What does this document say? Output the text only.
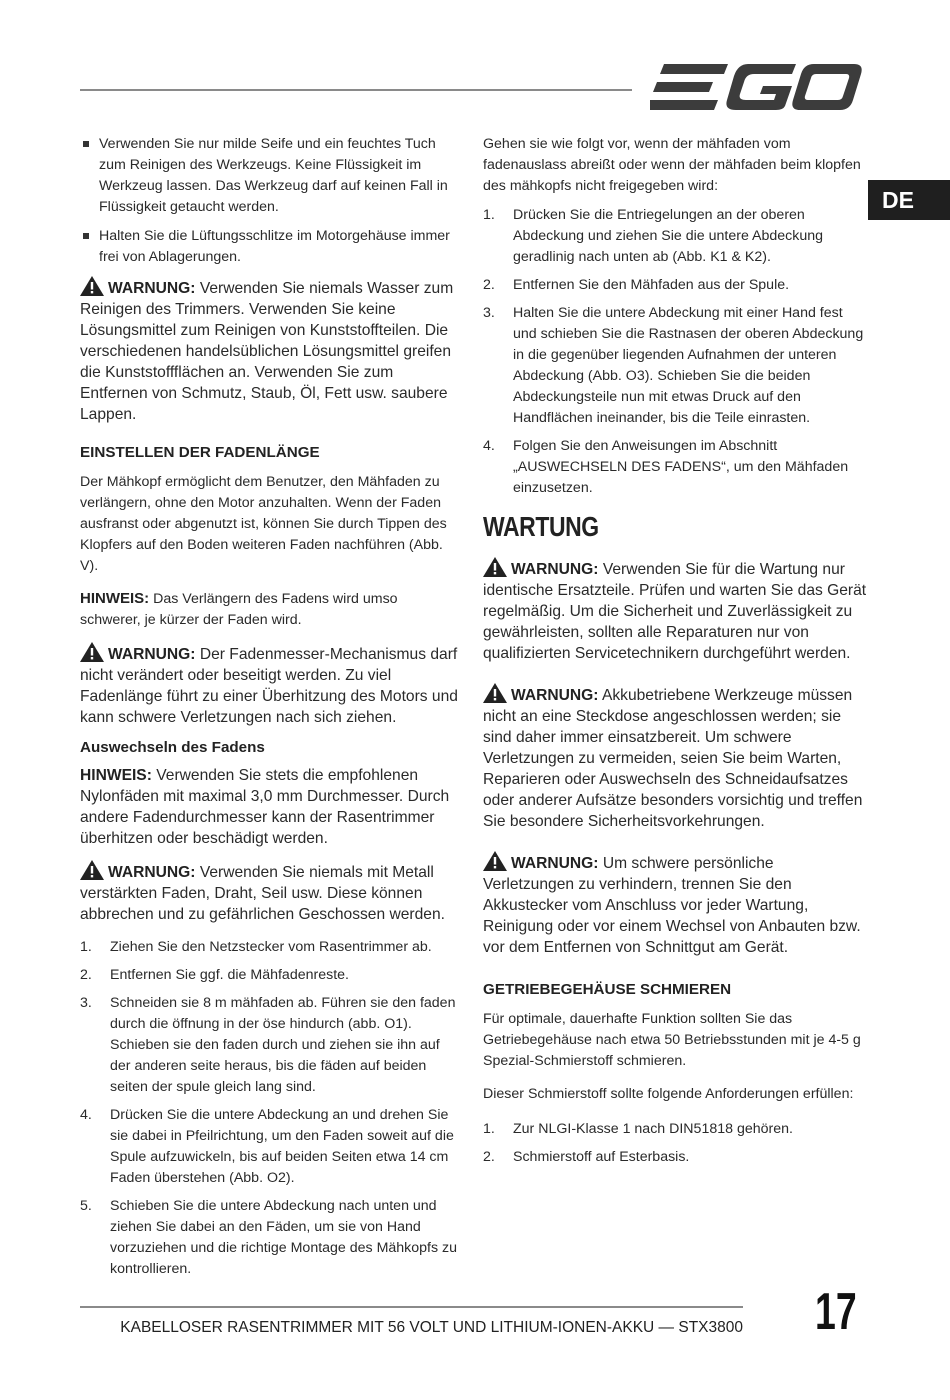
DE
Verwenden Sie nur milde Seife und ein feuchtes Tuch zum Reinigen des Werkzeugs. Keine Flüssigkeit im Werkzeug lassen. Das Werkzeug darf auf keinen Fall in Flüssigkeit getaucht werden.
Halten Sie die Lüftungsschlitze im Motorgehäuse immer frei von Ablagerungen.

WARNUNG: Verwenden Sie niemals Wasser zum Reinigen des Trimmers. Verwenden Sie keine Lösungsmittel zum Reinigen von Kunststoffteilen. Die verschiedenen handelsüblichen Lösungsmittel greifen die Kunststoffflächen an. Verwenden Sie zum Entfernen von Schmutz, Staub, Öl, Fett usw. saubere Lappen.

EINSTELLEN DER FADENLÄNGE

Der Mähkopf ermöglicht dem Benutzer, den Mähfaden zu verlängern, ohne den Motor anzuhalten. Wenn der Faden ausfranst oder abgenutzt ist, können Sie durch Tippen des Klopfers auf den Boden weiteren Faden nachführen (Abb. V).

HINWEIS: Das Verlängern des Fadens wird umso schwerer, je kürzer der Faden wird.

WARNUNG: Der Fadenmesser-Mechanismus darf nicht verändert oder beseitigt werden. Zu viel Fadenlänge führt zu einer Überhitzung des Motors und kann schwere Verletzungen nach sich ziehen.

Auswechseln des Fadens

HINWEIS: Verwenden Sie stets die empfohlenen Nylonfäden mit maximal 3,0 mm Durchmesser. Durch andere Fadendurchmesser kann der Rasentrimmer überhitzen oder beschädigt werden.

WARNUNG: Verwenden Sie niemals mit Metall verstärkten Faden, Draht, Seil usw. Diese können abbrechen und zu gefährlichen Geschossen werden.

1. Ziehen Sie den Netzstecker vom Rasentrimmer ab.
2. Entfernen Sie ggf. die Mähfadenreste.
3. Schneiden sie 8 m mähfaden ab. Führen sie den faden durch die öffnung in der öse hindurch (abb. O1). Schieben sie den faden durch und ziehen sie ihn auf der anderen seite heraus, bis die fäden auf beiden seiten der spule gleich lang sind.
4. Drücken Sie die untere Abdeckung an und drehen Sie sie dabei in Pfeilrichtung, um den Faden soweit auf die Spule aufzuwickeln, bis auf beiden Seiten etwa 14 cm Faden überstehen (Abb. O2).
5. Schieben Sie die untere Abdeckung nach unten und ziehen Sie dabei an den Fäden, um sie von Hand vorzuziehen und die richtige Montage des Mähkopfs zu kontrollieren.

Gehen sie wie folgt vor, wenn der mähfaden vom fadenauslass abreißt oder wenn der mähfaden beim klopfen des mähkopfs nicht freigegeben wird:

1. Drücken Sie die Entriegelungen an der oberen Abdeckung und ziehen Sie die untere Abdeckung geradlinig nach unten ab (Abb. K1 & K2).
2. Entfernen Sie den Mähfaden aus der Spule.
3. Halten Sie die untere Abdeckung mit einer Hand fest und schieben Sie die Rastnasen der oberen Abdeckung in die gegenüber liegenden Aufnahmen der unteren Abdeckung (Abb. O3). Schieben Sie die beiden Abdeckungsteile nun mit etwas Druck auf den Handflächen ineinander, bis die Teile einrasten.
4. Folgen Sie den Anweisungen im Abschnitt „AUSWECHSELN DES FADENS“, um den Mähfaden einzusetzen.

WARTUNG

WARNUNG: Verwenden Sie für die Wartung nur identische Ersatzteile. Prüfen und warten Sie das Gerät regelmäßig. Um die Sicherheit und Zuverlässigkeit zu gewährleisten, sollten alle Reparaturen nur von qualifizierten Servicetechnikern durchgeführt werden.

WARNUNG: Akkubetriebene Werkzeuge müssen nicht an eine Steckdose angeschlossen werden; sie sind daher immer einsatzbereit. Um schwere Verletzungen zu vermeiden, seien Sie beim Warten, Reparieren oder Auswechseln des Schneidaufsatzes oder anderer Aufsätze besonders vorsichtig und treffen Sie besondere Sicherheitsvorkehrungen.

WARNUNG: Um schwere persönliche Verletzungen zu verhindern, trennen Sie den Akkustecker vom Anschluss vor jeder Wartung, Reinigung oder vor einem Wechsel von Anbauten bzw. vor dem Entfernen von Schnittgut am Gerät.

GETRIEBEGEHÄUSE SCHMIEREN

Für optimale, dauerhafte Funktion sollten Sie das Getriebegehäuse nach etwa 50 Betriebsstunden mit je 4-5 g Spezial-Schmierstoff schmieren.

Dieser Schmierstoff sollte folgende Anforderungen erfüllen:

1. Zur NLGI-Klasse 1 nach DIN51818 gehören.
2. Schmierstoff auf Esterbasis.
KABELLOSER RASENTRIMMER MIT 56 VOLT UND LITHIUM-IONEN-AKKU — STX3800 17
